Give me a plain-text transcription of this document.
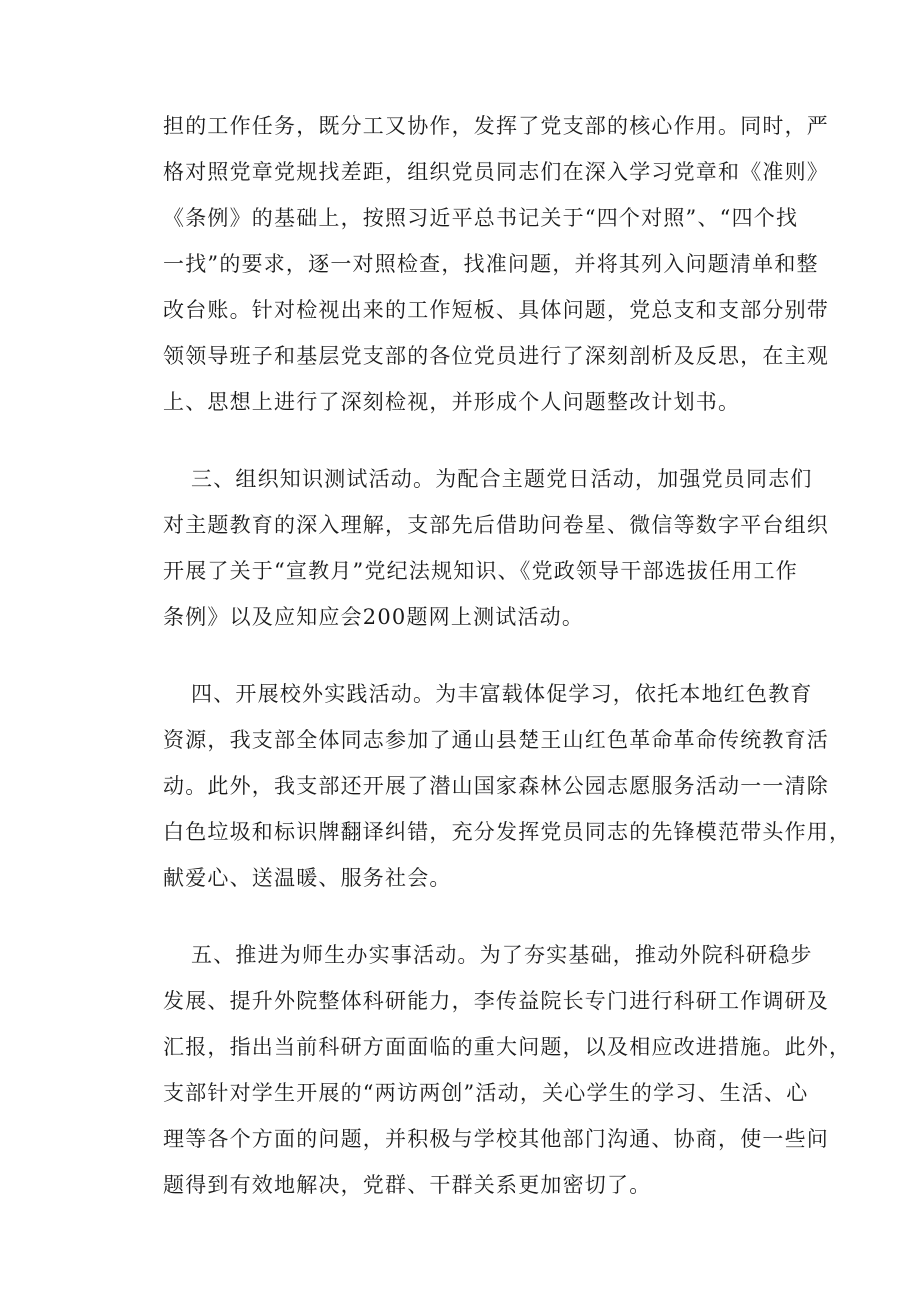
担的工作任务，既分工又协作，发挥了党支部的核心作用。同时，严
格对照党章党规找差距，组织党员同志们在深入学习党章和《准则》
《条例》的基础上，按照习近平总书记关于“四个对照”、“四个找
一找”的要求，逐一对照检查，找准问题，并将其列入问题清单和整
改台账。针对检视出来的工作短板、具体问题，党总支和支部分别带
领领导班子和基层党支部的各位党员进行了深刻剖析及反思，在主观
上、思想上进行了深刻检视，并形成个人问题整改计划书。
三、组织知识测试活动。为配合主题党日活动，加强党员同志们
对主题教育的深入理解，支部先后借助问卷星、微信等数字平台组织
开展了关于“宣教月”党纪法规知识、《党政领导干部选拔任用工作
条例》以及应知应会200题网上测试活动。
四、开展校外实践活动。为丰富载体促学习，依托本地红色教育
资源，我支部全体同志参加了通山县楚王山红色革命革命传统教育活
动。此外，我支部还开展了潜山国家森林公园志愿服务活动一一清除
白色垃圾和标识牌翻译纠错，充分发挥党员同志的先锋模范带头作用，
献爱心、送温暖、服务社会。
五、推进为师生办实事活动。为了夯实基础，推动外院科研稳步
发展、提升外院整体科研能力，李传益院长专门进行科研工作调研及
汇报，指出当前科研方面面临的重大问题，以及相应改进措施。此外，
支部针对学生开展的“两访两创”活动，关心学生的学习、生活、心
理等各个方面的问题，并积极与学校其他部门沟通、协商，使一些问
题得到有效地解决，党群、干群关系更加密切了。
